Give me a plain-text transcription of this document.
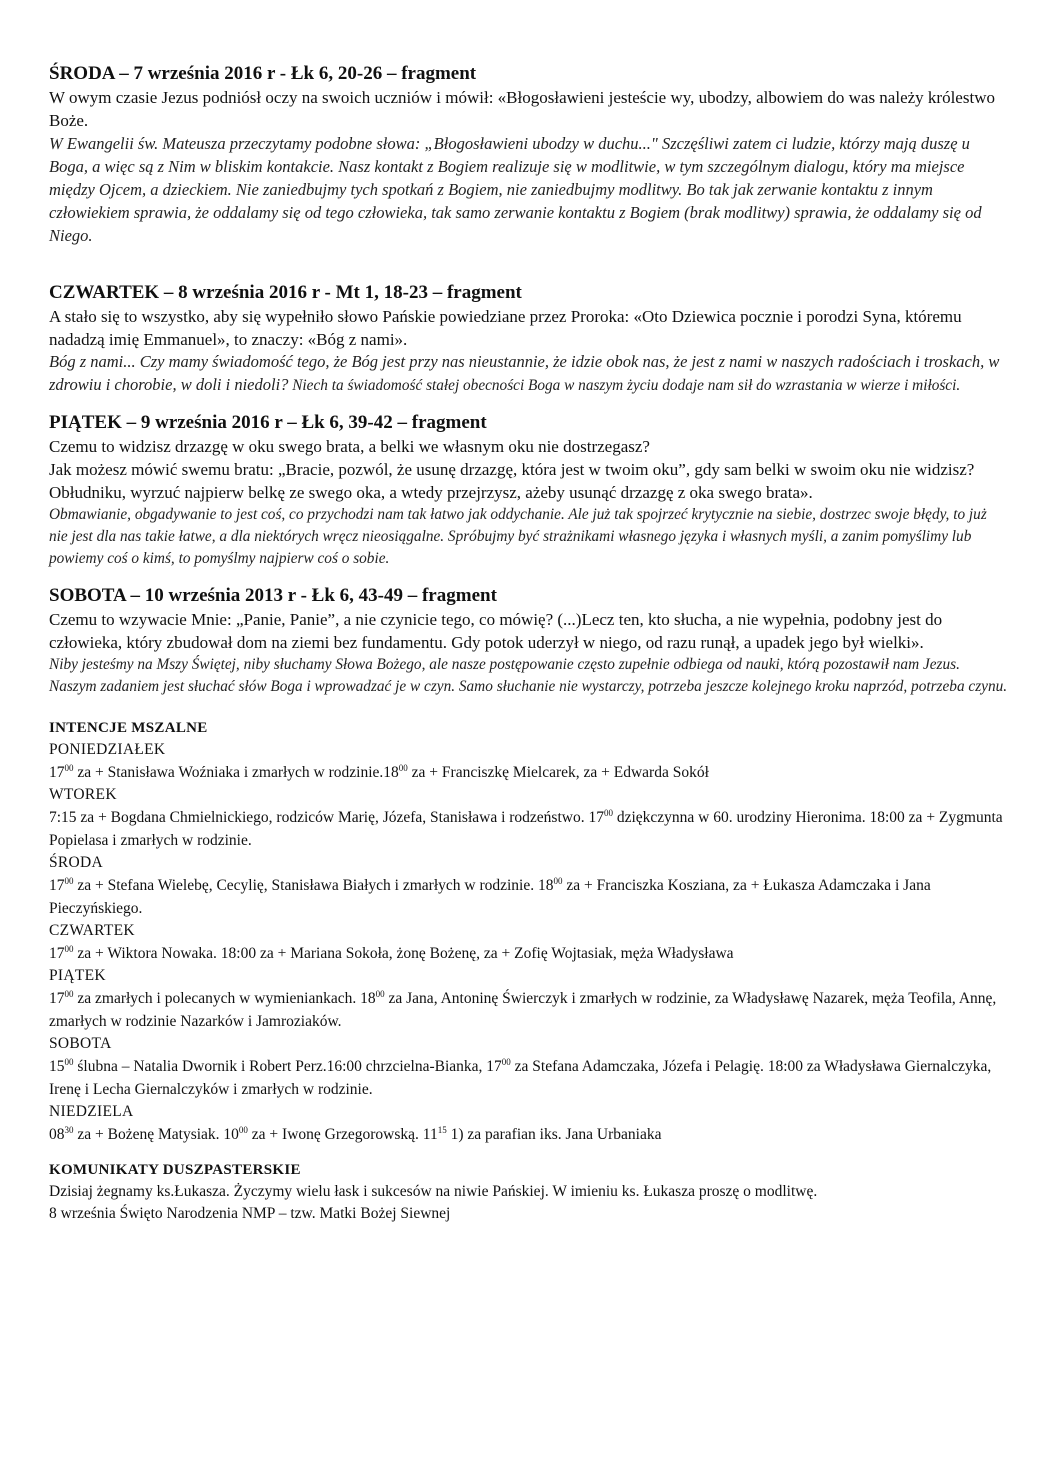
ŚRODA – 7 września 2016 r - Łk 6, 20-26 – fragment

W owym czasie Jezus podniósł oczy na swoich uczniów i mówił: «Błogosławieni jesteście wy, ubodzy, albowiem do was należy królestwo Boże.

W Ewangelii św. Mateusza przeczytamy podobne słowa: „Błogosławieni ubodzy w duchu..." Szczęśliwi zatem ci ludzie, którzy mają duszę u Boga, a więc są z Nim w bliskim kontakcie. Nasz kontakt z Bogiem realizuje się w modlitwie, w tym szczególnym dialogu, który ma miejsce między Ojcem, a dzieckiem. Nie zaniedbujmy tych spotkań z Bogiem, nie zaniedbujmy modlitwy. Bo tak jak zerwanie kontaktu z innym człowiekiem sprawia, że oddalamy się od tego człowieka, tak samo zerwanie kontaktu z Bogiem (brak modlitwy) sprawia, że oddalamy się od Niego.

CZWARTEK – 8 września 2016 r - Mt 1, 18-23 – fragment

A stało się to wszystko, aby się wypełniło słowo Pańskie powiedziane przez Proroka: «Oto Dziewica pocznie i porodzi Syna, któremu nadadzą imię Emmanuel», to znaczy: «Bóg z nami».

Bóg z nami... Czy mamy świadomość tego, że Bóg jest przy nas nieustannie, że idzie obok nas, że jest z nami w naszych radościach i troskach, w zdrowiu i chorobie, w doli i niedoli? Niech ta świadomość stałej obecności Boga w naszym życiu dodaje nam sił do wzrastania w wierze i miłości.

PIĄTEK – 9 września 2016 r – Łk 6, 39-42 – fragment

Czemu to widzisz drzazgę w oku swego brata, a belki we własnym oku nie dostrzegasz?

Jak możesz mówić swemu bratu: „Bracie, pozwól, że usunę drzazgę, która jest w twoim oku”, gdy sam belki w swoim oku nie widzisz? Obłudniku, wyrzuć najpierw belkę ze swego oka, a wtedy przejrzysz, ażeby usunąć drzazgę z oka swego brata».

Obmawianie, obgadywanie to jest coś, co przychodzi nam tak łatwo jak oddychanie. Ale już tak spojrzeć krytycznie na siebie, dostrzec swoje błędy, to już nie jest dla nas takie łatwe, a dla niektórych wręcz nieosiągalne. Spróbujmy być strażnikami własnego języka i własnych myśli, a zanim pomyślimy lub powiemy coś o kimś, to pomyślmy najpierw coś o sobie.

SOBOTA – 10 września 2013 r - Łk 6, 43-49 – fragment

Czemu to wzywacie Mnie: „Panie, Panie”, a nie czynicie tego, co mówię? (...)Lecz ten, kto słucha, a nie wypełnia, podobny jest do człowieka, który zbudował dom na ziemi bez fundamentu. Gdy potok uderzył w niego, od razu runął, a upadek jego był wielki».

Niby jesteśmy na Mszy Świętej, niby słuchamy Słowa Bożego, ale nasze postępowanie często zupełnie odbiega od nauki, którą pozostawił nam Jezus. Naszym zadaniem jest słuchać słów Boga i wprowadzać je w czyn. Samo słuchanie nie wystarczy, potrzeba jeszcze kolejnego kroku naprzód, potrzeba czynu.

INTENCJE MSZALNE

PONIEDZIAŁEK

$17^{00}$ za + Stanisława Woźniaka i zmarłych w $rodzinie.18^{00}$ za + Franciszkę Mielcarek, za + Edwarda Sokół

WTOREK

7:15 za + Bogdana Chmielnickiego, rodziców Marię, Józefa, Stanisława i rodzeństwo. $17^{00}$ dziękczynna w 60. urodziny Hieronima. 18:00 za + Zygmunta Popielasa i zmarłych w rodzinie.

ŚRODA

$17^{00}$ za + Stefana Wielebę, Cecylię, Stanisława Białych i zmarłych w rodzinie. $18^{00}$ za + Franciszka Kosziana, za + Łukasza Adamczaka i Jana Pieczyńskiego.

CZWARTEK

$17^{00}$ za + Wiktora Nowaka. 18:00 za + Mariana Sokoła, żonę Bożenę, za + Zofię Wojtasiak, męża Władysława

PIĄTEK

$17^{00}$ za zmarłych i polecanych w wymieniankach. $18^{00}$ za Jana, Antoninę Świerczyk i zmarłych w rodzinie, za Władysławę Nazarek, męża Teofila, Annę, zmarłych w rodzinie Nazarków i Jamroziaków.

SOBOTA

$15^{00}$ ślubna – Natalia Dwornik i Robert Perz.16:00 chrzcielna-Bianka, $17^{00}$ za Stefana Adamczaka, Józefa i Pelagię. 18:00 za Władysława Giernalczyka, Irenę i Lecha Giernalczyków i zmarłych w rodzinie.

NIEDZIELA

$08^{30}$ za + Bożenę Matysiak. $10^{00}$ za + Iwonę Grzegorowską. $11^{15}$ 1) za parafian iks. Jana Urbaniaka

KOMUNIKATY DUSZPASTERSKIE

Dzisiaj żegnamy ks.Łukasza. Życzymy wielu łask i sukcesów na niwie Pańskiej. W imieniu ks. Łukasza proszę o modlitwę.

8 września Święto Narodzenia NMP – tzw. Matki Bożej Siewnej
